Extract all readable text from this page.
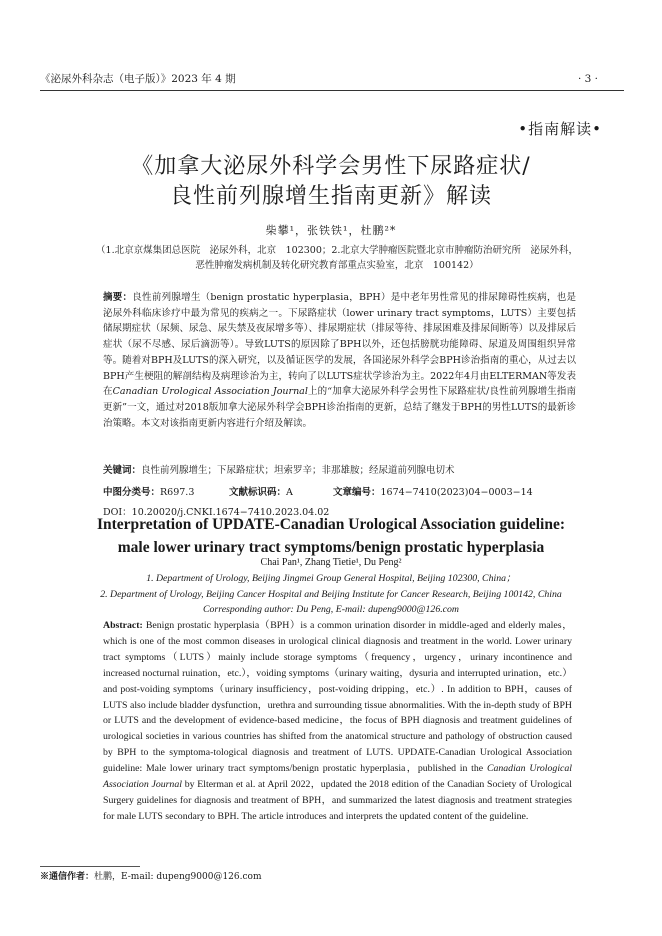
《泌尿外科杂志（电子版）》2023 年 4 期	· 3 ·
•指南解读•
《加拿大泌尿外科学会男性下尿路症状/
良性前列腺增生指南更新》解读
柴攀¹，张铁铁¹，杜鹏²*
（1.北京京煤集团总医院　泌尿外科，北京　102300；2.北京大学肿瘤医院暨北京市肿瘤防治研究所　泌尿外科，
恶性肿瘤发病机制及转化研究教育部重点实验室，北京　100142）
摘要：良性前列腺增生（benign prostatic hyperplasia，BPH）是中老年男性常见的排尿障碍性疾病，也是泌尿外科临床诊疗中最为常见的疾病之一。下尿路症状（lower urinary tract symptoms，LUTS）主要包括储尿期症状（尿频、尿急、尿失禁及夜尿增多等）、排尿期症状（排尿等待、排尿困难及排尿间断等）以及排尿后症状（尿不尽感、尿后滴沥等）。导致LUTS的原因除了BPH以外，还包括膀胱功能障碍、尿道及周围组织异常等。随着对BPH及LUTS的深入研究，以及循证医学的发展，各国泌尿外科学会BPH诊治指南的重心，从过去以BPH产生梗阻的解剖结构及病理诊治为主，转向了以LUTS症状学诊治为主。2022年4月由ELTERMAN等发表在Canadian Urological Association Journal上的“加拿大泌尿外科学会男性下尿路症状/良性前列腺增生指南更新”一文，通过对2018版加拿大泌尿外科学会BPH诊治指南的更新，总结了继发于BPH的男性LUTS的最新诊治策略。本文对该指南更新内容进行介绍及解读。
关键词：良性前列腺增生；下尿路症状；坦索罗辛；非那雄胺；经尿道前列腺电切术
中图分类号：R697.3	文献标识码：A	文章编号：1674−7410(2023)04−0003−14
DOI：10.20020/j.CNKI.1674−7410.2023.04.02
Interpretation of UPDATE-Canadian Urological Association guideline:
male lower urinary tract symptoms/benign prostatic hyperplasia
Chai Pan¹, Zhang Tietie¹, Du Peng²
1. Department of Urology, Beijing Jingmei Group General Hospital, Beijing 102300, China；
2. Department of Urology, Beijing Cancer Hospital and Beijing Institute for Cancer Research, Beijing 100142, China
Corresponding author: Du Peng, E-mail: dupeng9000@126.com
Abstract: Benign prostatic hyperplasia（BPH）is a common urination disorder in middle-aged and elderly males，which is one of the most common diseases in urological clinical diagnosis and treatment in the world. Lower urinary tract symptoms（LUTS）mainly include storage symptoms（frequency，urgency，urinary incontinence and increased nocturnal ruination，etc.），voiding symptoms（urinary waiting，dysuria and interrupted urination，etc.）and post-voiding symptoms（urinary insufficiency，post-voiding dripping，etc.）. In addition to BPH，causes of LUTS also include bladder dysfunction，urethra and surrounding tissue abnormalities. With the in-depth study of BPH or LUTS and the development of evidence-based medicine，the focus of BPH diagnosis and treatment guidelines of urological societies in various countries has shifted from the anatomical structure and pathology of obstruction caused by BPH to the symptoma-tological diagnosis and treatment of LUTS. UPDATE-Canadian Urological Association guideline: Male lower urinary tract symptoms/benign prostatic hyperplasia，published in the Canadian Urological Association Journal by Elterman et al. at April 2022，updated the 2018 edition of the Canadian Society of Urological Surgery guidelines for diagnosis and treatment of BPH，and summarized the latest diagnosis and treatment strategies for male LUTS secondary to BPH. The article introduces and interprets the updated content of the guideline.
※通信作者：杜鹏，E-mail: dupeng9000@126.com
